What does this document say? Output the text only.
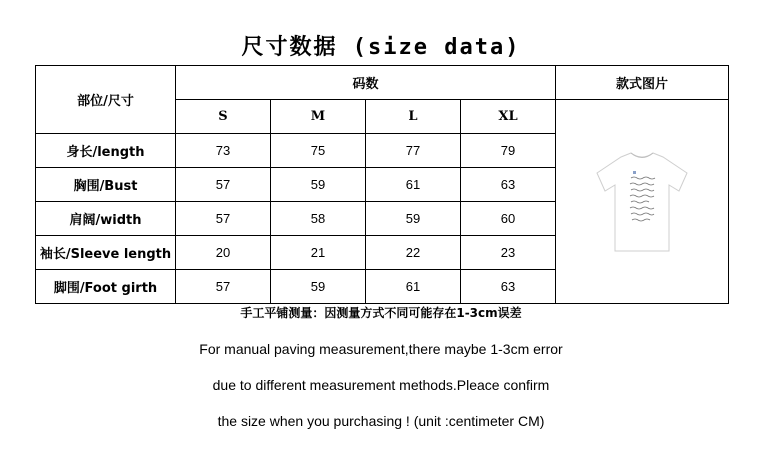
尺寸数据 (size data)
部位/尺寸	码数				款式图片
	S	M	L	XL	

身长/length	73	75	77	79	
胸围/Bust	57	59	61	63	
肩阔/width	57	58	59	60	
袖长/Sleeve length	20	21	22	23	
脚围/Foot girth	57	59	61	63	
手工平铺测量：因测量方式不同可能存在1-3cm误差
For manual paving measurement,there maybe 1-3cm error
due to different measurement methods.Pleace confirm
the size when you purchasing ! (unit :centimeter CM)
